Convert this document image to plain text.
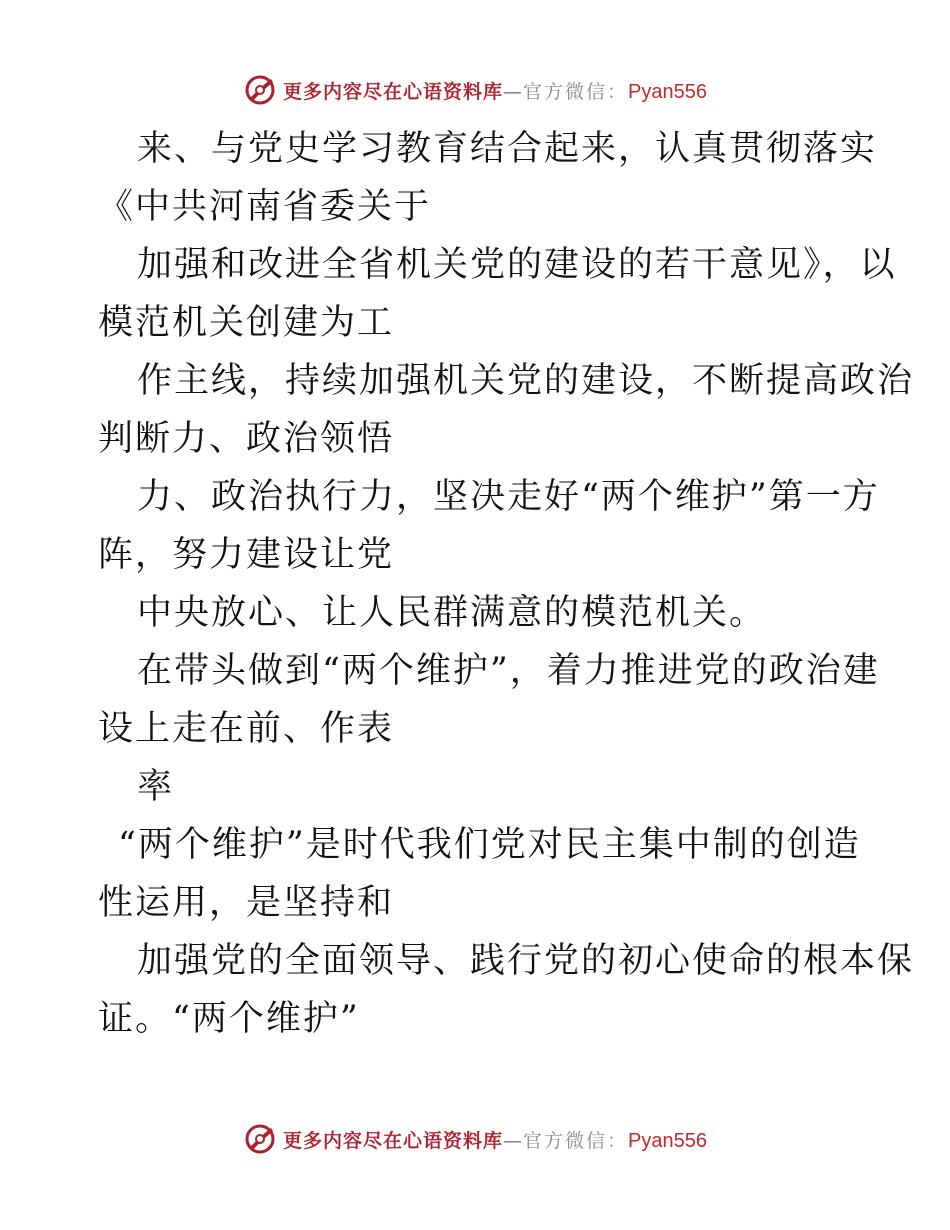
更多内容尽在心语资料库—官方微信：Pyan556
来、与党史学习教育结合起来，认真贯彻落实
《中共河南省委关于
加强和改进全省机关党的建设的若干意见》，以
模范机关创建为工
作主线，持续加强机关党的建设，不断提高政治
判断力、政治领悟
力、政治执行力，坚决走好“两个维护”第一方
阵，努力建设让党
中央放心、让人民群满意的模范机关。
在带头做到“两个维护”，着力推进党的政治建
设上走在前、作表
率
“两个维护”是时代我们党对民主集中制的创造
性运用，是坚持和
加强党的全面领导、践行党的初心使命的根本保
证。“两个维护”
更多内容尽在心语资料库—官方微信：Pyan556
